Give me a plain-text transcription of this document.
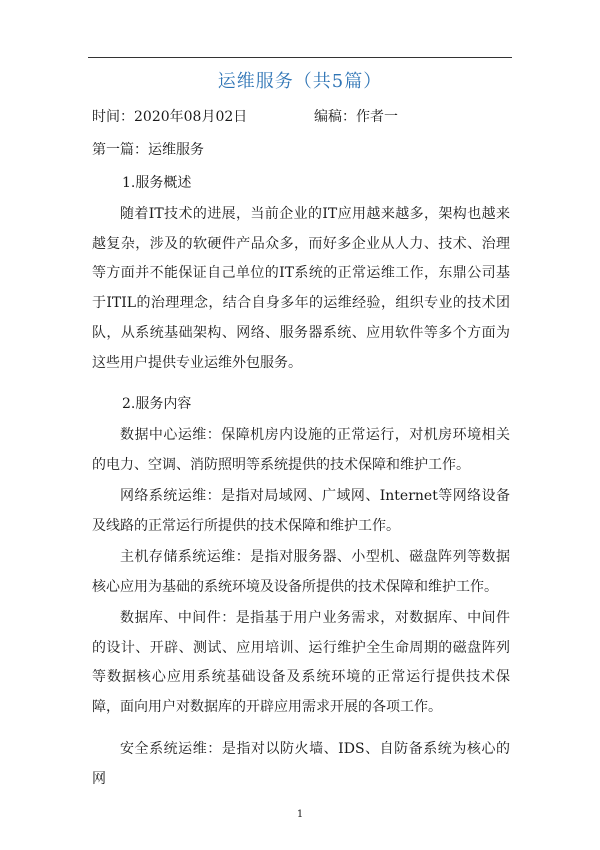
运维服务（共5篇）
时间：2020年08月02日	编稿：作者一
第一篇：运维服务
1.服务概述

随着IT技术的进展，当前企业的IT应用越来越多，架构也越来越复杂，涉及的软硬件产品众多，而好多企业从人力、技术、治理等方面并不能保证自己单位的IT系统的正常运维工作，东鼎公司基于ITIL的治理理念，结合自身多年的运维经验，组织专业的技术团队，从系统基础架构、网络、服务器系统、应用软件等多个方面为这些用户提供专业运维外包服务。

2.服务内容

数据中心运维：保障机房内设施的正常运行，对机房环境相关的电力、空调、消防照明等系统提供的技术保障和维护工作。

网络系统运维：是指对局域网、广域网、Internet等网络设备及线路的正常运行所提供的技术保障和维护工作。

主机存储系统运维：是指对服务器、小型机、磁盘阵列等数据核心应用为基础的系统环境及设备所提供的技术保障和维护工作。

数据库、中间件：是指基于用户业务需求，对数据库、中间件的设计、开辟、测试、应用培训、运行维护全生命周期的磁盘阵列等数据核心应用系统基础设备及系统环境的正常运行提供技术保障，面向用户对数据库的开辟应用需求开展的各项工作。

安全系统运维：是指对以防火墙、IDS、自防备系统为核心的网

1
